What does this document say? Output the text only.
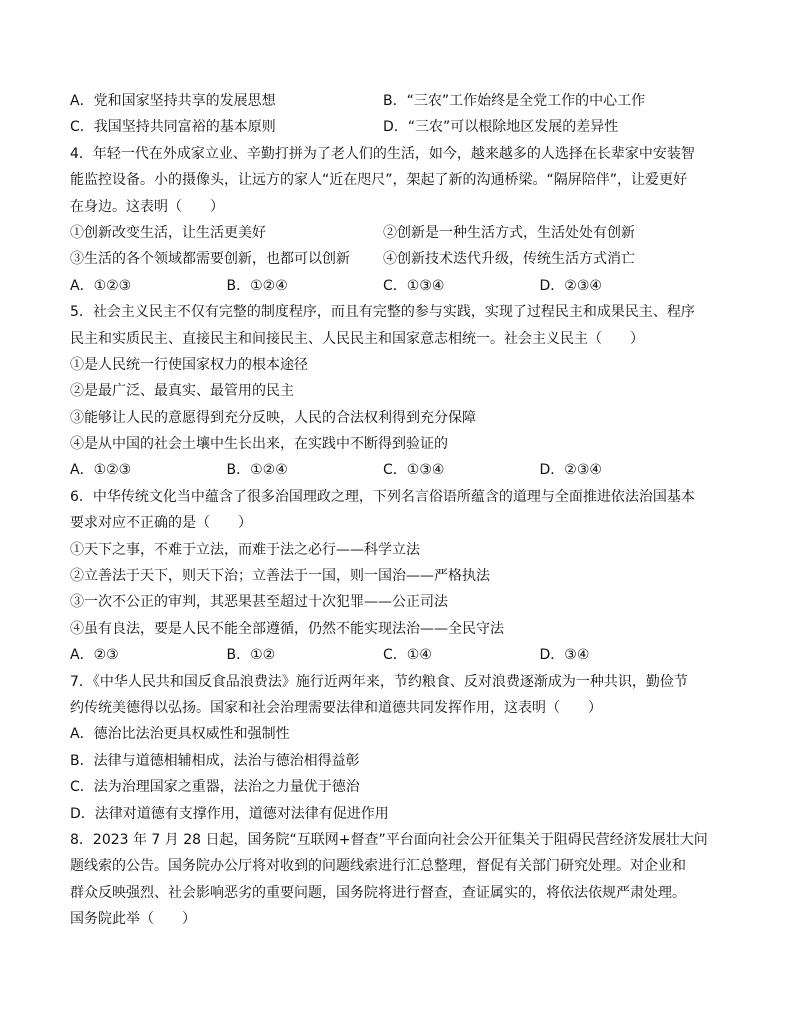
A．党和国家坚持共享的发展思想	B．“三农”工作始终是全党工作的中心工作
C．我国坚持共同富裕的基本原则	D．“三农”可以根除地区发展的差异性
4．年轻一代在外成家立业、辛勤打拼为了老人们的生活，如今，越来越多的人选择在长辈家中安装智
能监控设备。小的摄像头，让远方的家人“近在咫尺”，架起了新的沟通桥梁。“隔屏陪伴”，让爱更好
在身边。这表明（　　）
①创新改变生活，让生活更美好	②创新是一种生活方式，生活处处有创新
③生活的各个领域都需要创新，也都可以创新	④创新技术迭代升级，传统生活方式消亡
A．①②③	B．①②④	C．①③④	D．②③④
5．社会主义民主不仅有完整的制度程序，而且有完整的参与实践，实现了过程民主和成果民主、程序
民主和实质民主、直接民主和间接民主、人民民主和国家意志相统一。社会主义民主（　　）
①是人民统一行使国家权力的根本途径
②是最广泛、最真实、最管用的民主
③能够让人民的意愿得到充分反映，人民的合法权利得到充分保障
④是从中国的社会土壤中生长出来，在实践中不断得到验证的
A．①②③	B．①②④	C．①③④	D．②③④
6．中华传统文化当中蕴含了很多治国理政之理，下列名言俗语所蕴含的道理与全面推进依法治国基本
要求对应不正确的是（　　）
①天下之事，不难于立法，而难于法之必行——科学立法
②立善法于天下，则天下治；立善法于一国，则一国治——严格执法
③一次不公正的审判，其恶果甚至超过十次犯罪——公正司法
④虽有良法，要是人民不能全部遵循，仍然不能实现法治——全民守法
A．②③	B．①②	C．①④	D．③④
7．《中华人民共和国反食品浪费法》施行近两年来，节约粮食、反对浪费逐渐成为一种共识，勤俭节
约传统美德得以弘扬。国家和社会治理需要法律和道德共同发挥作用，这表明（　　）
A．德治比法治更具权威性和强制性
B．法律与道德相辅相成，法治与德治相得益彰
C．法为治理国家之重器，法治之力量优于德治
D．法律对道德有支撑作用，道德对法律有促进作用
8．2023 年 7 月 28 日起，国务院“互联网+督查”平台面向社会公开征集关于阻碍民营经济发展壮大问
题线索的公告。国务院办公厅将对收到的问题线索进行汇总整理，督促有关部门研究处理。对企业和
群众反映强烈、社会影响恶劣的重要问题，国务院将进行督查，查证属实的，将依法依规严肃处理。
国务院此举（　　）
